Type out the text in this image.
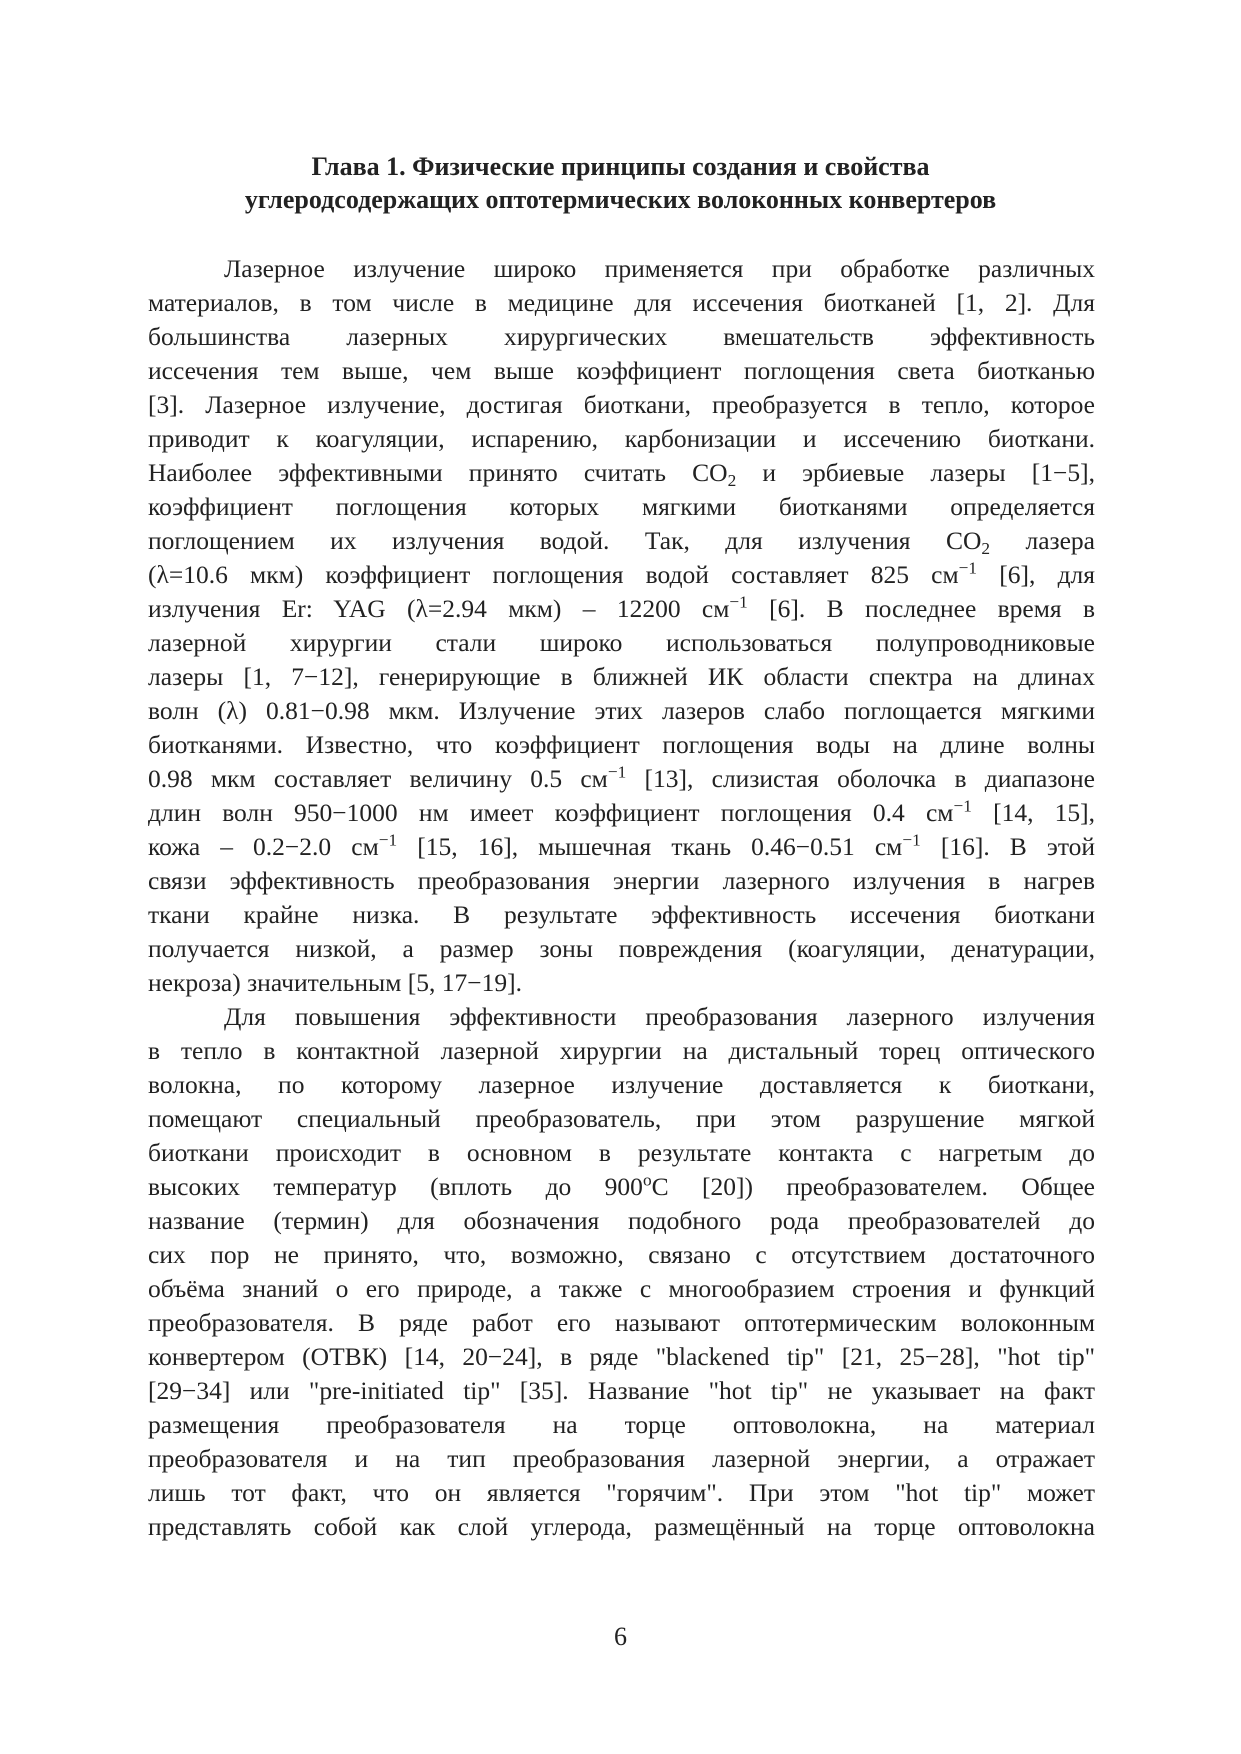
Глава 1. Физические принципы создания и свойства
углеродсодержащих оптотермических волоконных конвертеров
Лазерное излучение широко применяется при обработке различных
материалов, в том числе в медицине для иссечения биотканей [1, 2]. Для
большинства лазерных хирургических вмешательств эффективность
иссечения тем выше, чем выше коэффициент поглощения света биотканью
[3]. Лазерное излучение, достигая биоткани, преобразуется в тепло, которое
приводит к коагуляции, испарению, карбонизации и иссечению биоткани.
Наиболее эффективными принято считать $CO_2$ и эрбиевые лазеры [1−5],
коэффициент поглощения которых мягкими биотканями определяется
поглощением их излучения водой. Так, для излучения $CO_2$ лазера
(λ=10.6 мкм) коэффициент поглощения водой составляет 825 $см^{-1}$ [6], для
излучения Er: YAG (λ=2.94 мкм) – 12200 $см^{-1}$ [6]. В последнее время в
лазерной хирургии стали широко использоваться полупроводниковые
лазеры [1, 7−12], генерирующие в ближней ИК области спектра на длинах
волн (λ) 0.81−0.98 мкм. Излучение этих лазеров слабо поглощается мягкими
биотканями. Известно, что коэффициент поглощения воды на длине волны
0.98 мкм составляет величину 0.5 $см^{-1}$ [13], слизистая оболочка в диапазоне
длин волн 950−1000 нм имеет коэффициент поглощения 0.4 $см^{-1}$ [14, 15],
кожа – 0.2−2.0 $см^{-1}$ [15, 16], мышечная ткань 0.46−0.51 $см^{-1}$ [16]. В этой
связи эффективность преобразования энергии лазерного излучения в нагрев
ткани крайне низка. В результате эффективность иссечения биоткани
получается низкой, а размер зоны повреждения (коагуляции, денатурации,
некроза) значительным [5, 17−19].
Для повышения эффективности преобразования лазерного излучения
в тепло в контактной лазерной хирургии на дистальный торец оптического
волокна, по которому лазерное излучение доставляется к биоткани,
помещают специальный преобразователь, при этом разрушение мягкой
биоткани происходит в основном в результате контакта с нагретым до
высоких температур (вплоть до $900^оС$ [20]) преобразователем. Общее
название (термин) для обозначения подобного рода преобразователей до
сих пор не принято, что, возможно, связано с отсутствием достаточного
объёма знаний о его природе, а также с многообразием строения и функций
преобразователя. В ряде работ его называют оптотермическим волоконным
конвертером (ОТВК) [14, 20−24], в ряде "blackened tip" [21, 25−28], "hot tip"
[29−34] или "pre-initiated tip" [35]. Название "hot tip" не указывает на факт
размещения преобразователя на торце оптоволокна, на материал
преобразователя и на тип преобразования лазерной энергии, а отражает
лишь тот факт, что он является "горячим". При этом "hot tip" может
представлять собой как слой углерода, размещённый на торце оптоволокна
6
